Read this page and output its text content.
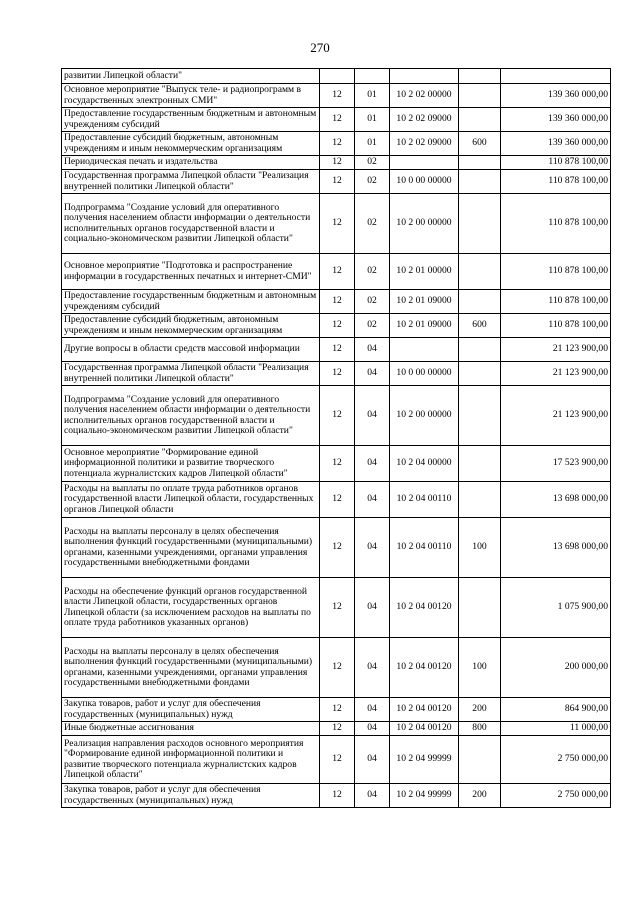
270
развитии Липецкой области"					
Основное мероприятие "Выпуск теле- и радиопрограмм в государственных электронных СМИ"	12	01	10 2 02 00000		139 360 000,00
Предоставление государственным бюджетным и автономным учреждениям субсидий	12	01	10 2 02 09000		139 360 000,00
Предоставление субсидий бюджетным, автономным учреждениям и иным некоммерческим организациям	12	01	10 2 02 09000	600	139 360 000,00
Периодическая печать и издательства	12	02			110 878 100,00
Государственная программа Липецкой области "Реализация внутренней политики Липецкой области"	12	02	10 0 00 00000		110 878 100,00
Подпрограмма "Создание условий для оперативного получения населением области информации о деятельности исполнительных органов государственной власти и социально-экономическом развитии Липецкой области"	12	02	10 2 00 00000		110 878 100,00
Основное мероприятие "Подготовка и распространение информации в государственных печатных и интернет-СМИ"	12	02	10 2 01 00000		110 878 100,00
Предоставление государственным бюджетным и автономным учреждениям субсидий	12	02	10 2 01 09000		110 878 100,00
Предоставление субсидий бюджетным, автономным учреждениям и иным некоммерческим организациям	12	02	10 2 01 09000	600	110 878 100,00
Другие вопросы в области средств массовой информации	12	04			21 123 900,00
Государственная программа Липецкой области "Реализация внутренней политики Липецкой области"	12	04	10 0 00 00000		21 123 900,00
Подпрограмма "Создание условий для оперативного получения населением области информации о деятельности исполнительных органов государственной власти и социально-экономическом развитии Липецкой области"	12	04	10 2 00 00000		21 123 900,00
Основное мероприятие "Формирование единой информационной политики и развитие творческого потенциала журналистских кадров Липецкой области"	12	04	10 2 04 00000		17 523 900,00
Расходы на выплаты по оплате труда работников органов государственной власти Липецкой области, государственных органов Липецкой области	12	04	10 2 04 00110		13 698 000,00
Расходы на выплаты персоналу в целях обеспечения выполнения функций государственными (муниципальными) органами, казенными учреждениями, органами управления государственными внебюджетными фондами	12	04	10 2 04 00110	100	13 698 000,00
Расходы на обеспечение функций органов государственной власти Липецкой области, государственных органов Липецкой области (за исключением расходов на выплаты по оплате труда работников указанных органов)	12	04	10 2 04 00120		1 075 900,00
Расходы на выплаты персоналу в целях обеспечения выполнения функций государственными (муниципальными) органами, казенными учреждениями, органами управления государственными внебюджетными фондами	12	04	10 2 04 00120	100	200 000,00
Закупка товаров, работ и услуг для обеспечения государственных (муниципальных) нужд	12	04	10 2 04 00120	200	864 900,00
Иные бюджетные ассигнования	12	04	10 2 04 00120	800	11 000,00
Реализация направления расходов основного мероприятия "Формирование единой информационной политики и развитие творческого потенциала журналистских кадров Липецкой области"	12	04	10 2 04 99999		2 750 000,00
Закупка товаров, работ и услуг для обеспечения государственных (муниципальных) нужд	12	04	10 2 04 99999	200	2 750 000,00
